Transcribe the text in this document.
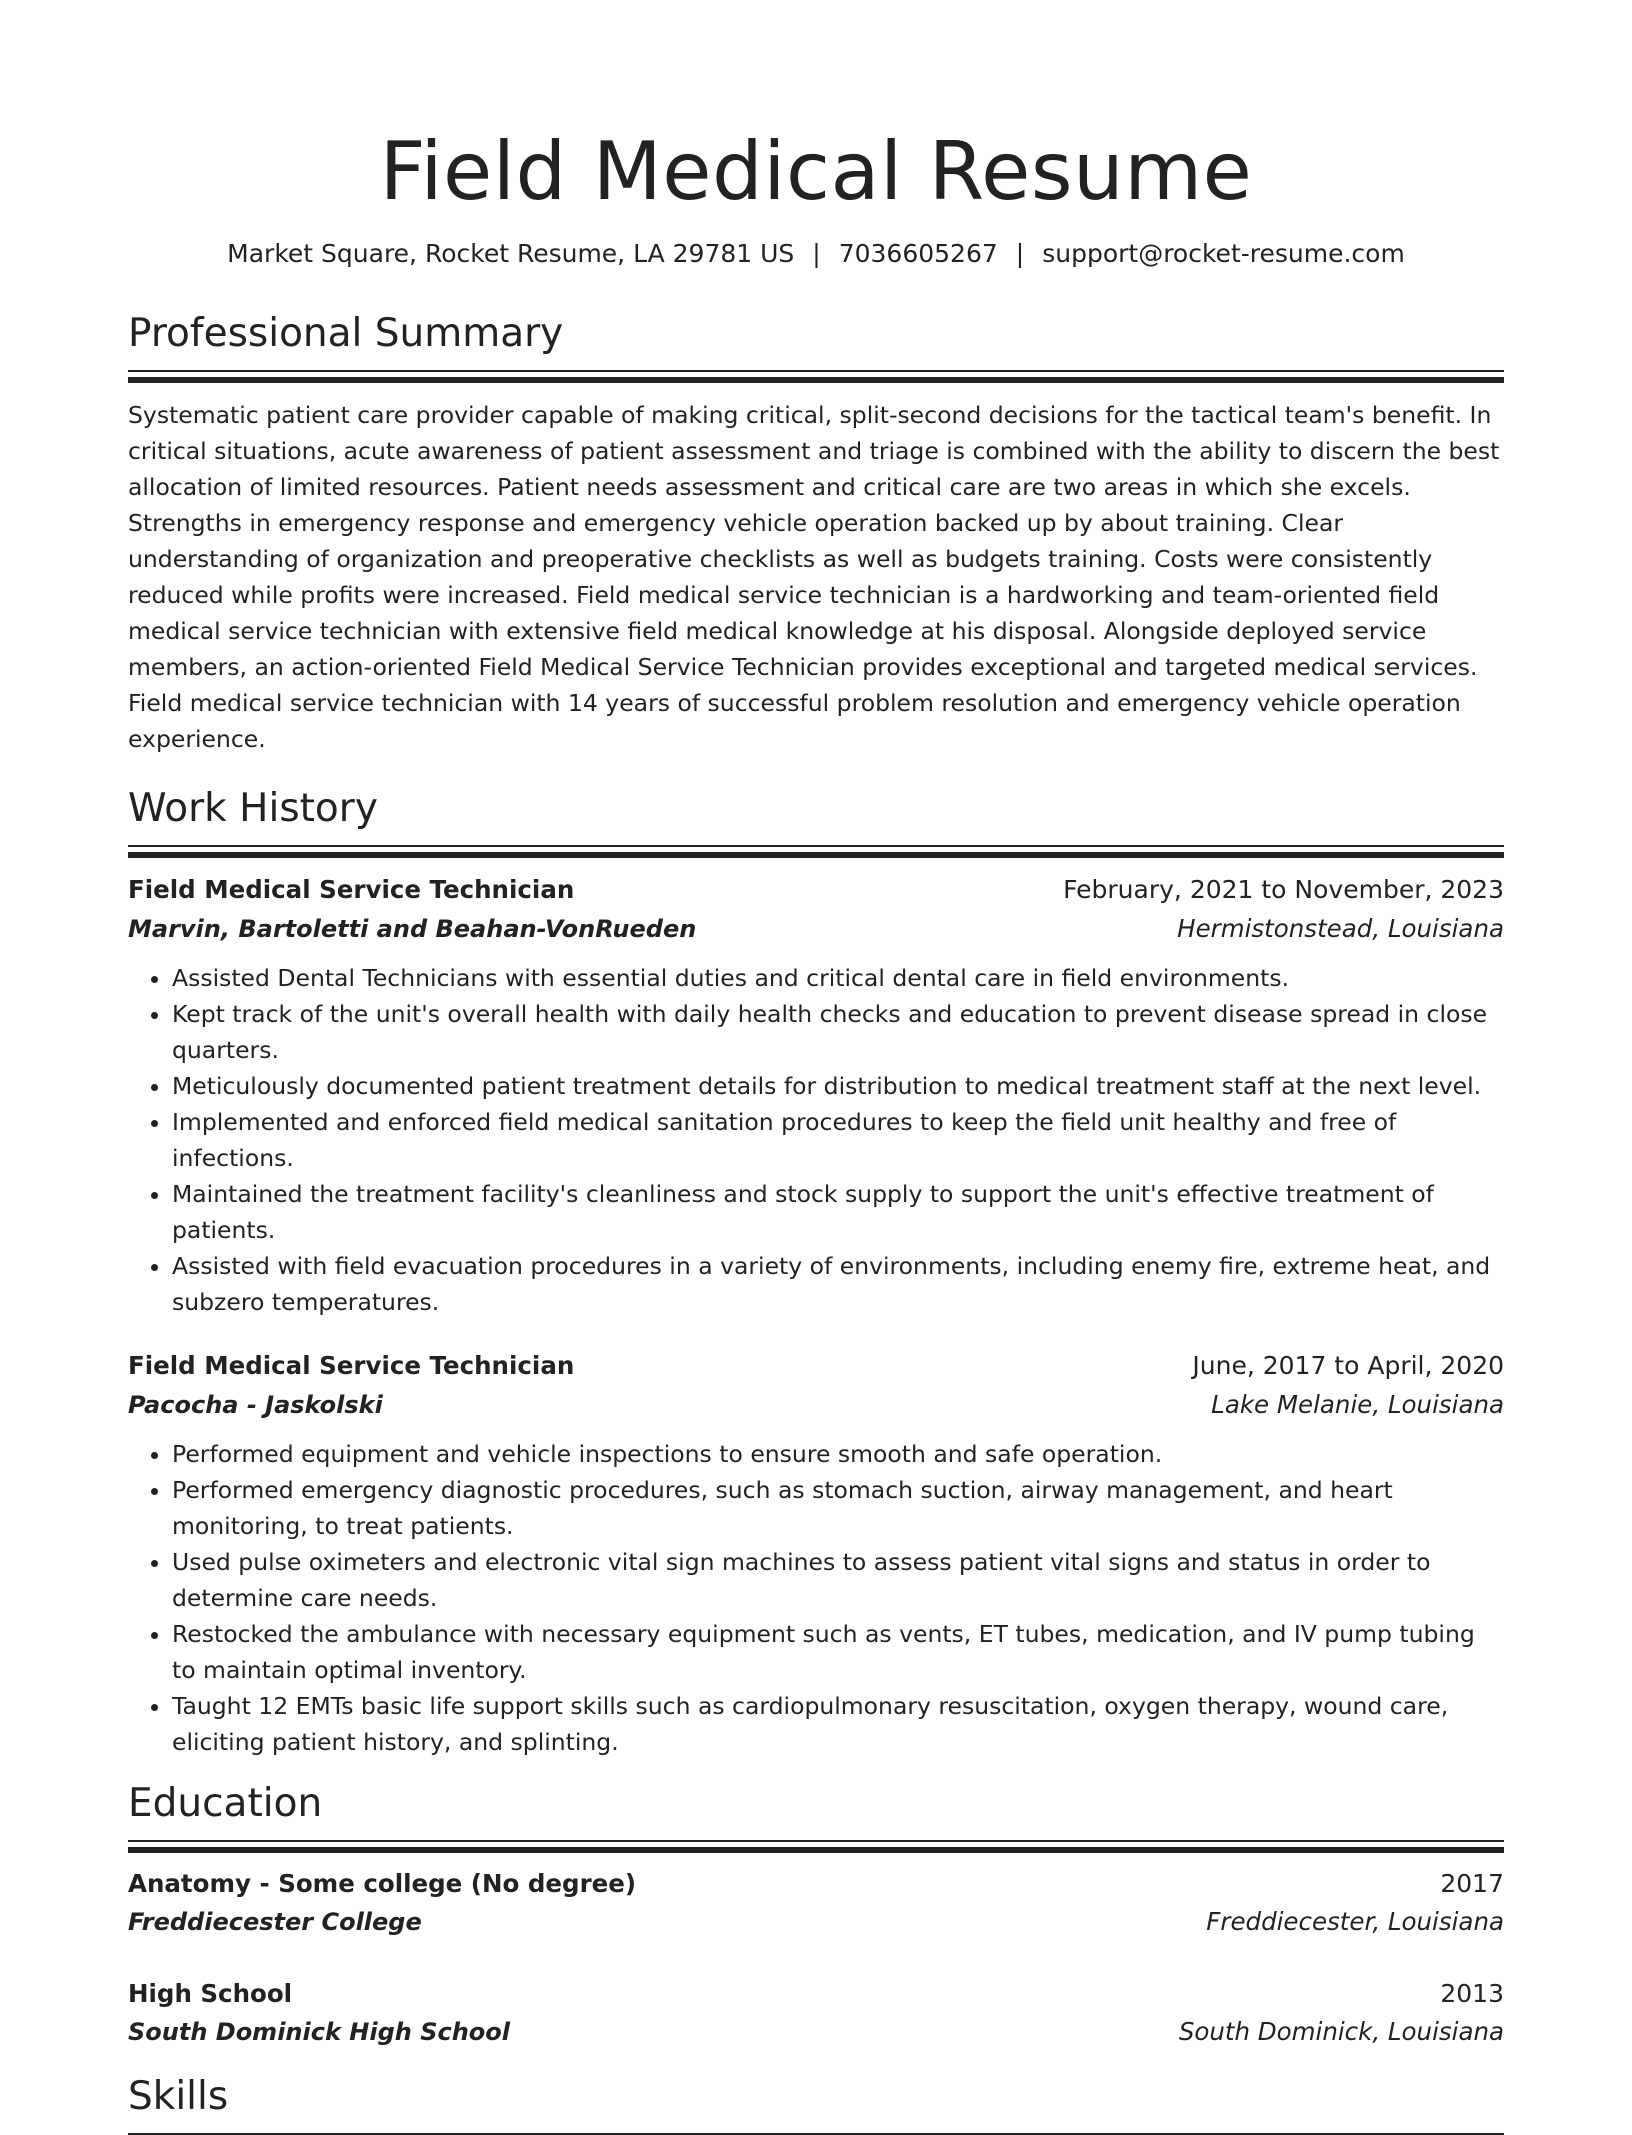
Field Medical Resume
Market Square, Rocket Resume, LA 29781 US | 7036605267 | support@rocket-resume.com
Professional Summary
Systematic patient care provider capable of making critical, split-second decisions for the tactical team's benefit. In critical situations, acute awareness of patient assessment and triage is combined with the ability to discern the best allocation of limited resources. Patient needs assessment and critical care are two areas in which she excels. Strengths in emergency response and emergency vehicle operation backed up by about training. Clear understanding of organization and preoperative checklists as well as budgets training. Costs were consistently reduced while profits were increased. Field medical service technician is a hardworking and team-oriented field medical service technician with extensive field medical knowledge at his disposal. Alongside deployed service members, an action-oriented Field Medical Service Technician provides exceptional and targeted medical services. Field medical service technician with 14 years of successful problem resolution and emergency vehicle operation experience.
Work History
Field Medical Service Technician	February, 2021 to November, 2023
Marvin, Bartoletti and Beahan-VonRueden	Hermistonstead, Louisiana
• Assisted Dental Technicians with essential duties and critical dental care in field environments.
• Kept track of the unit's overall health with daily health checks and education to prevent disease spread in close quarters.
• Meticulously documented patient treatment details for distribution to medical treatment staff at the next level.
• Implemented and enforced field medical sanitation procedures to keep the field unit healthy and free of infections.
• Maintained the treatment facility's cleanliness and stock supply to support the unit's effective treatment of patients.
• Assisted with field evacuation procedures in a variety of environments, including enemy fire, extreme heat, and subzero temperatures.
Field Medical Service Technician	June, 2017 to April, 2020
Pacocha - Jaskolski	Lake Melanie, Louisiana
• Performed equipment and vehicle inspections to ensure smooth and safe operation.
• Performed emergency diagnostic procedures, such as stomach suction, airway management, and heart monitoring, to treat patients.
• Used pulse oximeters and electronic vital sign machines to assess patient vital signs and status in order to determine care needs.
• Restocked the ambulance with necessary equipment such as vents, ET tubes, medication, and IV pump tubing to maintain optimal inventory.
• Taught 12 EMTs basic life support skills such as cardiopulmonary resuscitation, oxygen therapy, wound care, eliciting patient history, and splinting.
Education
Anatomy - Some college (No degree)	2017
Freddiecester College	Freddiecester, Louisiana
High School	2013
South Dominick High School	South Dominick, Louisiana
Skills
